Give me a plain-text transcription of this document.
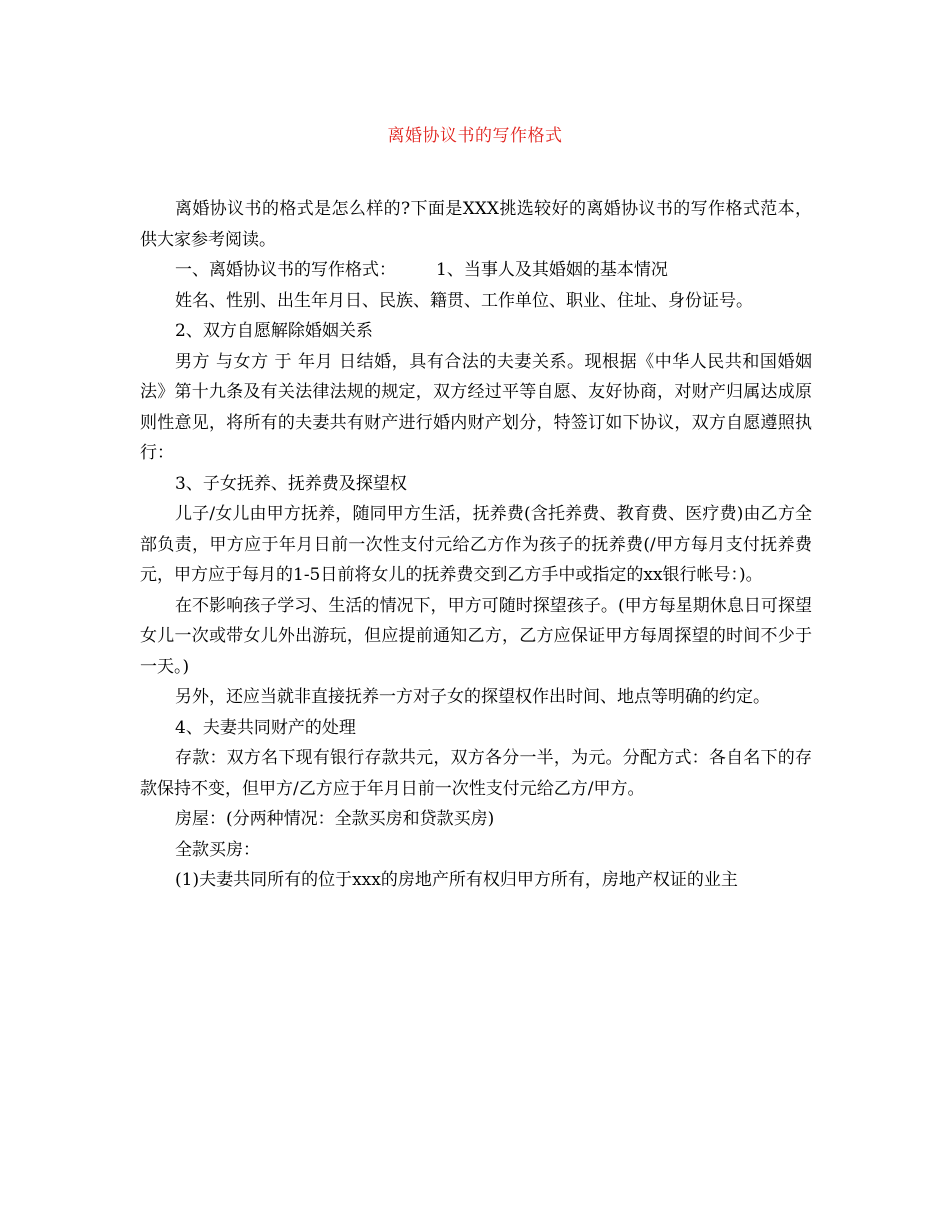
离婚协议书的写作格式

离婚协议书的格式是怎么样的?下面是XXX挑选较好的离婚协议书的写作格式范本，供大家参考阅读。

一、离婚协议书的写作格式： 1、当事人及其婚姻的基本情况

姓名、性别、出生年月日、民族、籍贯、工作单位、职业、住址、身份证号。

2、双方自愿解除婚姻关系

男方 与女方 于 年月 日结婚，具有合法的夫妻关系。现根据《中华人民共和国婚姻法》第十九条及有关法律法规的规定，双方经过平等自愿、友好协商，对财产归属达成原则性意见，将所有的夫妻共有财产进行婚内财产划分，特签订如下协议，双方自愿遵照执行：

3、子女抚养、抚养费及探望权

儿子/女儿由甲方抚养，随同甲方生活，抚养费(含托养费、教育费、医疗费)由乙方全部负责，甲方应于年月日前一次性支付元给乙方作为孩子的抚养费(/甲方每月支付抚养费元，甲方应于每月的1-5日前将女儿的抚养费交到乙方手中或指定的xx银行帐号：)。

在不影响孩子学习、生活的情况下，甲方可随时探望孩子。(甲方每星期休息日可探望女儿一次或带女儿外出游玩，但应提前通知乙方，乙方应保证甲方每周探望的时间不少于一天。)

另外，还应当就非直接抚养一方对子女的探望权作出时间、地点等明确的约定。

4、夫妻共同财产的处理

存款：双方名下现有银行存款共元，双方各分一半，为元。分配方式：各自名下的存款保持不变，但甲方/乙方应于年月日前一次性支付元给乙方/甲方。

房屋：(分两种情况：全款买房和贷款买房)

全款买房：

(1)夫妻共同所有的位于xxx的房地产所有权归甲方所有，房地产权证的业主
